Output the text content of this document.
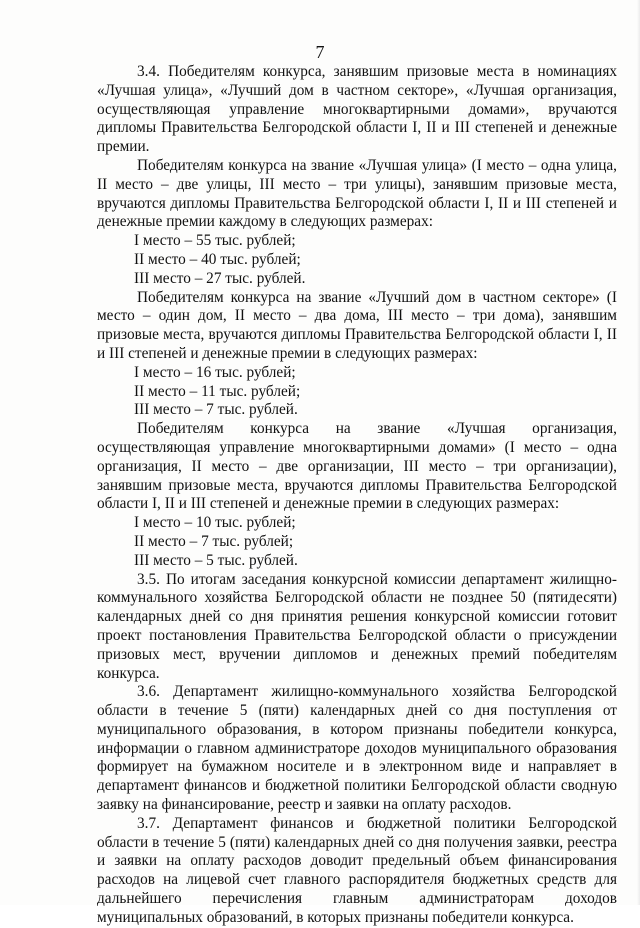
7

3.4. Победителям конкурса, занявшим призовые места в номинациях «Лучшая улица», «Лучший дом в частном секторе», «Лучшая организация, осуществляющая управление многоквартирными домами», вручаются дипломы Правительства Белгородской области I, II и III степеней и денежные премии.

Победителям конкурса на звание «Лучшая улица» (I место – одна улица, II место – две улицы, III место – три улицы), занявшим призовые места, вручаются дипломы Правительства Белгородской области I, II и III степеней и денежные премии каждому в следующих размерах:

I место – 55 тыс. рублей;

II место – 40 тыс. рублей;

III место – 27 тыс. рублей.

Победителям конкурса на звание «Лучший дом в частном секторе» (I место – один дом, II место – два дома, III место – три дома), занявшим призовые места, вручаются дипломы Правительства Белгородской области I, II и III степеней и денежные премии в следующих размерах:

I место – 16 тыс. рублей;

II место – 11 тыс. рублей;

III место – 7 тыс. рублей.

Победителям конкурса на звание «Лучшая организация, осуществляющая управление многоквартирными домами» (I место – одна организация, II место – две организации, III место – три организации), занявшим призовые места, вручаются дипломы Правительства Белгородской области I, II и III степеней и денежные премии в следующих размерах:

I место – 10 тыс. рублей;

II место – 7 тыс. рублей;

III место – 5 тыс. рублей.

3.5. По итогам заседания конкурсной комиссии департамент жилищно-коммунального хозяйства Белгородской области не позднее 50 (пятидесяти) календарных дней со дня принятия решения конкурсной комиссии готовит проект постановления Правительства Белгородской области о присуждении призовых мест, вручении дипломов и денежных премий победителям конкурса.

3.6. Департамент жилищно-коммунального хозяйства Белгородской области в течение 5 (пяти) календарных дней со дня поступления от муниципального образования, в котором признаны победители конкурса, информации о главном администраторе доходов муниципального образования формирует на бумажном носителе и в электронном виде и направляет в департамент финансов и бюджетной политики Белгородской области сводную заявку на финансирование, реестр и заявки на оплату расходов.

3.7. Департамент финансов и бюджетной политики Белгородской области в течение 5 (пяти) календарных дней со дня получения заявки, реестра и заявки на оплату расходов доводит предельный объем финансирования расходов на лицевой счет главного распорядителя бюджетных средств для дальнейшего перечисления главным администраторам доходов муниципальных образований, в которых признаны победители конкурса.
